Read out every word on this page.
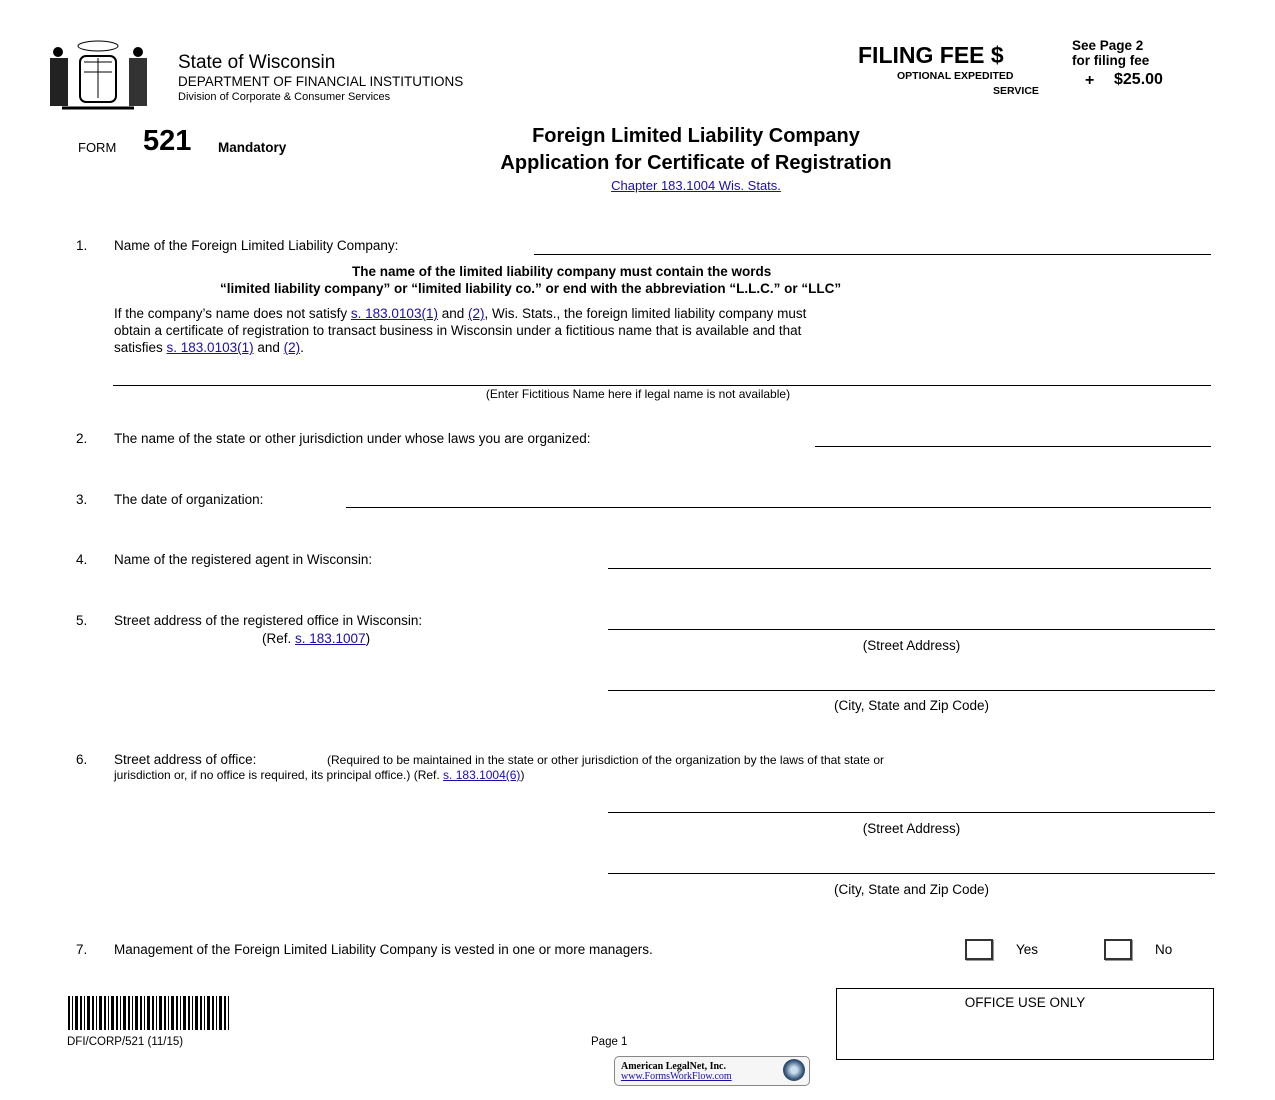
State of Wisconsin
DEPARTMENT OF FINANCIAL INSTITUTIONS
Division of Corporate & Consumer Services
FILING FEE $	See Page 2
for filing fee
OPTIONAL EXPEDITED
SERVICE
+ $25.00
FORM 521 Mandatory
Foreign Limited Liability Company
Application for Certificate of Registration
Chapter 183.1004 Wis. Stats.
1. Name of the Foreign Limited Liability Company:
The name of the limited liability company must contain the words
“limited liability company” or “limited liability co.” or end with the abbreviation “L.L.C.” or “LLC”
If the company’s name does not satisfy s. 183.0103(1) and (2), Wis. Stats., the foreign limited liability company must
obtain a certificate of registration to transact business in Wisconsin under a fictitious name that is available and that
satisfies s. 183.0103(1) and (2).
(Enter Fictitious Name here if legal name is not available)
2. The name of the state or other jurisdiction under whose laws you are organized:
3. The date of organization:
4. Name of the registered agent in Wisconsin:
5. Street address of the registered office in Wisconsin:
(Ref. s. 183.1007)	(Street Address)
(City, State and Zip Code)
6. Street address of office:	(Required to be maintained in the state or other jurisdiction of the organization by the laws of that state or
jurisdiction or, if no office is required, its principal office.) (Ref. s. 183.1004(6))
(Street Address)
(City, State and Zip Code)
7. Management of the Foreign Limited Liability Company is vested in one or more managers.	Yes	No
OFFICE USE ONLY
DFI/CORP/521 (11/15)	Page 1
American LegalNet, Inc.
www.FormsWorkFlow.com
